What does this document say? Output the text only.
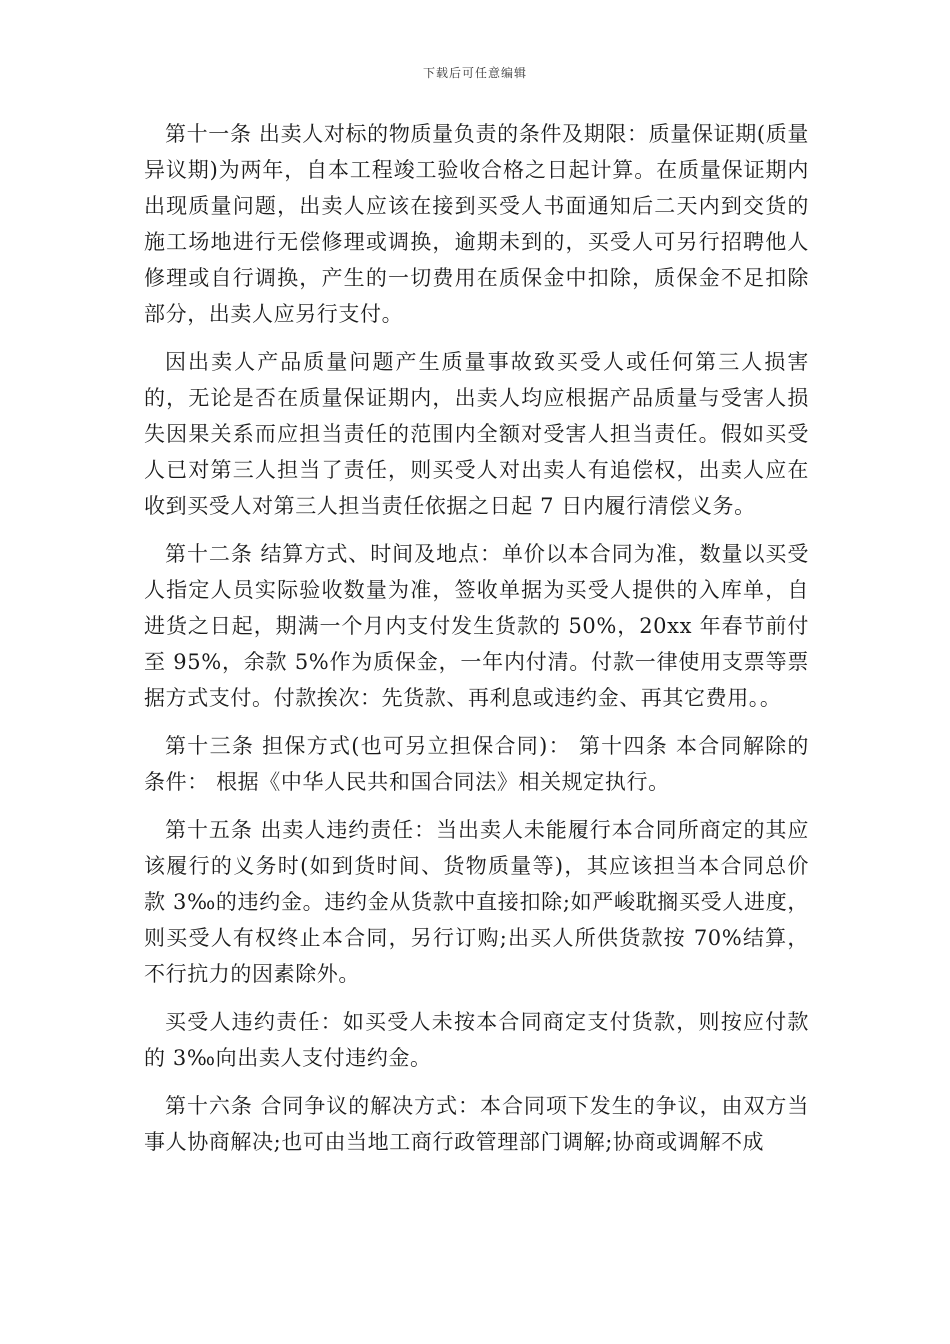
下载后可任意编辑

第十一条 出卖人对标的物质量负责的条件及期限：质量保证期(质量异议期)为两年，自本工程竣工验收合格之日起计算。在质量保证期内出现质量问题，出卖人应该在接到买受人书面通知后二天内到交货的施工场地进行无偿修理或调换，逾期未到的，买受人可另行招聘他人修理或自行调换，产生的一切费用在质保金中扣除，质保金不足扣除部分，出卖人应另行支付。

因出卖人产品质量问题产生质量事故致买受人或任何第三人损害的，无论是否在质量保证期内，出卖人均应根据产品质量与受害人损失因果关系而应担当责任的范围内全额对受害人担当责任。假如买受人已对第三人担当了责任，则买受人对出卖人有追偿权，出卖人应在收到买受人对第三人担当责任依据之日起 7 日内履行清偿义务。

第十二条 结算方式、时间及地点：单价以本合同为准，数量以买受人指定人员实际验收数量为准，签收单据为买受人提供的入库单，自进货之日起，期满一个月内支付发生货款的 50%，20xx 年春节前付至 95%，余款 5%作为质保金，一年内付清。付款一律使用支票等票据方式支付。付款挨次：先货款、再利息或违约金、再其它费用。。

第十三条 担保方式(也可另立担保合同)： 第十四条 本合同解除的条件： 根据《中华人民共和国合同法》相关规定执行。

第十五条 出卖人违约责任：当出卖人未能履行本合同所商定的其应该履行的义务时(如到货时间、货物质量等)，其应该担当本合同总价款 3‰的违约金。违约金从货款中直接扣除;如严峻耽搁买受人进度，则买受人有权终止本合同，另行订购;出买人所供货款按 70%结算，不行抗力的因素除外。

买受人违约责任：如买受人未按本合同商定支付货款，则按应付款的 3‰向出卖人支付违约金。

第十六条 合同争议的解决方式：本合同项下发生的争议，由双方当事人协商解决;也可由当地工商行政管理部门调解;协商或调解不成
